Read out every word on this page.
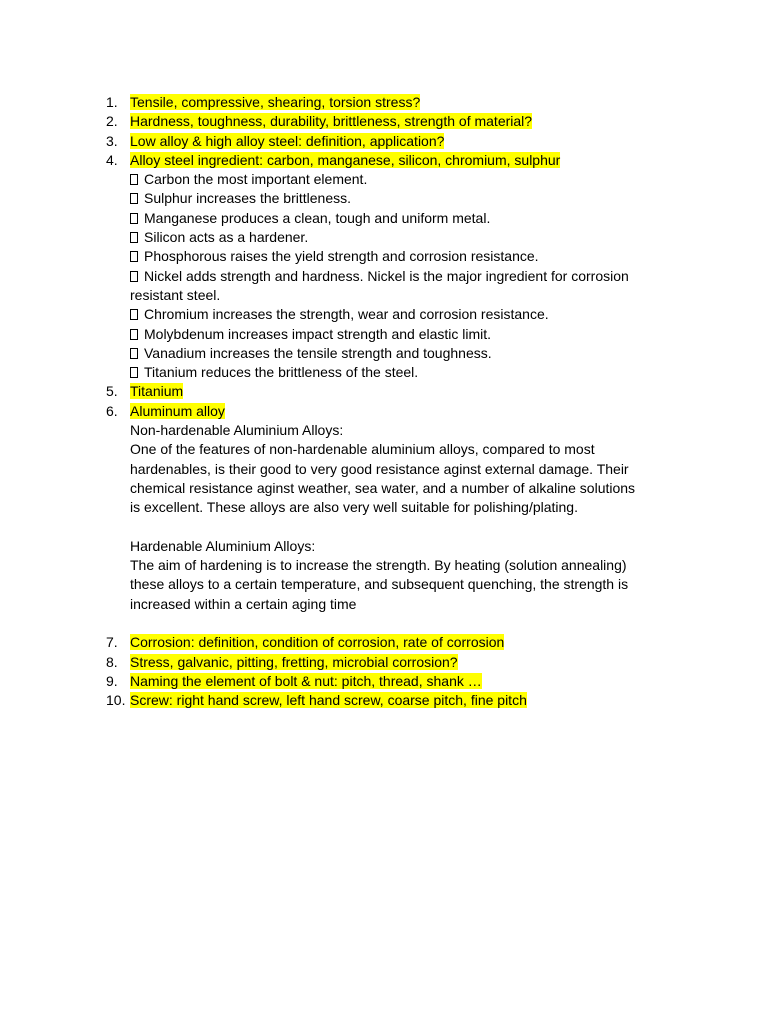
1. Tensile, compressive, shearing, torsion stress?
2. Hardness, toughness, durability, brittleness, strength of material?
3. Low alloy & high alloy steel: definition, application?
4. Alloy steel ingredient: carbon, manganese, silicon, chromium, sulphur
Carbon the most important element.
Sulphur increases the brittleness.
Manganese produces a clean, tough and uniform metal.
Silicon acts as a hardener.
Phosphorous raises the yield strength and corrosion resistance.
Nickel adds strength and hardness. Nickel is the major ingredient for corrosion
resistant steel.
Chromium increases the strength, wear and corrosion resistance.
Molybdenum increases impact strength and elastic limit.
Vanadium increases the tensile strength and toughness.
Titanium reduces the brittleness of the steel.
5. Titanium
6. Aluminum alloy
Non-hardenable Aluminium Alloys:
One of the features of non-hardenable aluminium alloys, compared to most
hardenables, is their good to very good resistance aginst external damage. Their
chemical resistance aginst weather, sea water, and a number of alkaline solutions
is excellent. These alloys are also very well suitable for polishing/plating.
Hardenable Aluminium Alloys:
The aim of hardening is to increase the strength. By heating (solution annealing)
these alloys to a certain temperature, and subsequent quenching, the strength is
increased within a certain aging time
7. Corrosion: definition, condition of corrosion, rate of corrosion
8. Stress, galvanic, pitting, fretting, microbial corrosion?
9. Naming the element of bolt & nut: pitch, thread, shank …
10. Screw: right hand screw, left hand screw, coarse pitch, fine pitch
